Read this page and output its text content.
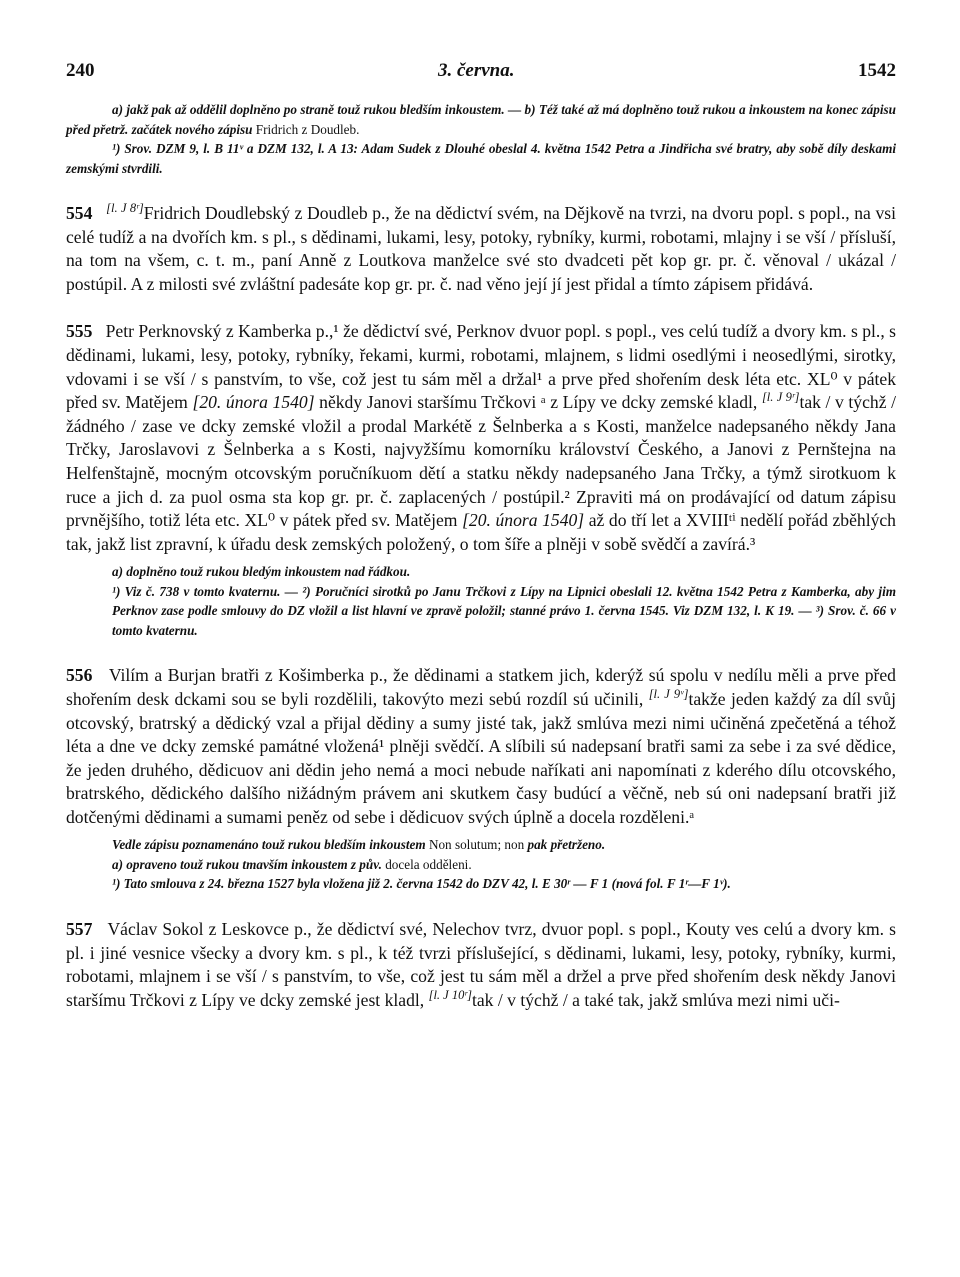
240	3. června.	1542

a) jakž pak až oddělil doplněno po straně touž rukou bledším inkoustem. — b) Též také až má doplněno touž rukou a inkoustem na konec zápisu před přetrž. začátek nového zápisu Fridrich z Doudleb.

¹) Srov. DZM 9, l. B 11ᵛ a DZM 132, l. A 13: Adam Sudek z Dlouhé obeslal 4. května 1542 Petra a Jindřicha své bratry, aby sobě díly deskami zemskými stvrdili.

554 [l. J 8ʳ]Fridrich Doudlebský z Doudleb p., že na dědictví svém, na Dějkově na tvrzi, na dvoru popl. s popl., na vsi celé tudíž a na dvořích km. s pl., s dědinami, lukami, lesy, potoky, rybníky, kurmi, robotami, mlajny i se vší / přísluší, na tom na všem, c. t. m., paní Anně z Loutkova manželce své sto dvadceti pět kop gr. pr. č. věnoval / ukázal / postúpil. A z milosti své zvláštní padesáte kop gr. pr. č. nad věno její jí jest přidal a tímto zápisem přidává.
555 Petr Perknovský z Kamberka p.,¹ že dědictví své, Perknov dvuor popl. s popl., ves celú tudíž a dvory km. s pl., s dědinami, lukami, lesy, potoky, rybníky, řekami, kurmi, robotami, mlajnem, s lidmi osedlými i neosedlými, sirotky, vdovami i se vší / s panstvím, to vše, což jest tu sám měl a držal¹ a prve před shořením desk léta etc. XL⁰ v pátek před sv. Matějem [20. února 1540] někdy Janovi staršímu Trčkovi ᵃ z Lípy ve dcky zemské kladl, [l. J 9ʳ]tak / v týchž / žádného / zase ve dcky zemské vložil a prodal Markétě z Šelnberka a s Kosti, manželce nadepsaného někdy Jana Trčky, Jaroslavovi z Šelnberka a s Kosti, najvyžšímu komorníku království Českého, a Janovi z Pernštejna na Helfenštajně, mocným otcovským poručníkuom dětí a statku někdy nadepsaného Jana Trčky, a týmž sirotkuom k ruce a jich d. za puol osma sta kop gr. pr. č. zaplacených / postúpil.² Zpraviti má on prodávající od datum zápisu prvnějšího, totiž léta etc. XL⁰ v pátek před sv. Matějem [20. února 1540] až do tří let a XVIIIᵗⁱ nedělí pořád zběhlých tak, jakž list zpravní, k úřadu desk zemských položený, o tom šíře a plněji v sobě svědčí a zavírá.³

a) doplněno touž rukou bledým inkoustem nad řádkou.

¹) Viz č. 738 v tomto kvaternu. — ²) Poručníci sirotků po Janu Trčkovi z Lípy na Lipnici obeslali 12. května 1542 Petra z Kamberka, aby jim Perknov zase podle smlouvy do DZ vložil a list hlavní ve zpravě položil; stanné právo 1. června 1545. Viz DZM 132, l. K 19. — ³) Srov. č. 66 v tomto kvaternu.

556 Vilím a Burjan bratři z Košimberka p., že dědinami a statkem jich, kderýž sú spolu v nedílu měli a prve před shořením desk dckami sou se byli rozdělili, takovýto mezi sebú rozdíl sú učinili, [l. J 9ᵛ]takže jeden každý za díl svůj otcovský, bratrský a dědický vzal a přijal dědiny a sumy jisté tak, jakž smlúva mezi nimi učiněná zpečetěná a téhož léta a dne ve dcky zemské památné vložená¹ plněji svědčí. A slíbili sú nadepsaní bratři sami za sebe i za své dědice, že jeden druhého, dědicuov ani dědin jeho nemá a moci nebude naříkati ani napomínati z kderého dílu otcovského, bratrského, dědického dalšího nižádným právem ani skutkem časy budúcí a věčně, neb sú oni nadepsaní bratři již dotčenými dědinami a sumami peněz od sebe i dědicuov svých úplně a docela rozděleni.ᵃ

Vedle zápisu poznamenáno touž rukou bledším inkoustem Non solutum; non pak přetrženo.

a) opraveno touž rukou tmavším inkoustem z pův. docela odděleni.

¹) Tato smlouva z 24. března 1527 byla vložena již 2. června 1542 do DZV 42, l. E 30ʳ — F 1 (nová fol. F 1ʳ—F 1ᵛ).

557 Václav Sokol z Leskovce p., že dědictví své, Nelechov tvrz, dvuor popl. s popl., Kouty ves celú a dvory km. s pl. i jiné vesnice všecky a dvory km. s pl., k též tvrzi příslušející, s dědinami, lukami, lesy, potoky, rybníky, kurmi, robotami, mlajnem i se vší / s panstvím, to vše, což jest tu sám měl a držel a prve před shořením desk někdy Janovi staršímu Trčkovi z Lípy ve dcky zemské jest kladl, [l. J 10ʳ]tak / v týchž / a také tak, jakž smlúva mezi nimi uči-
